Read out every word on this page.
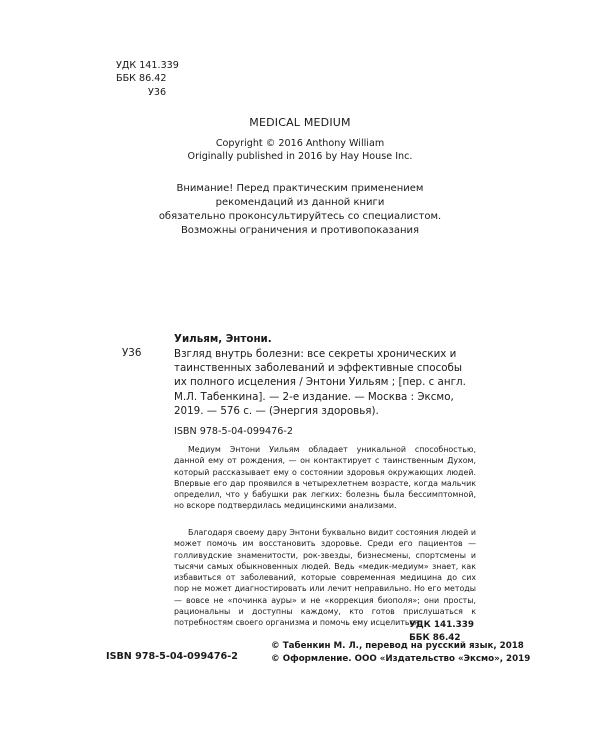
УДК 141.339
ББК 86.42
У36
MEDICAL MEDIUM
Copyright © 2016 Anthony William
Originally published in 2016 by Hay House Inc.
Внимание! Перед практическим применением
рекомендаций из данной книги
обязательно проконсультируйтесь со специалистом.
Возможны ограничения и противопоказания
Уильям, Энтони.
У36	Взгляд внутрь болезни: все секреты хронических и таинственных заболеваний и эффективные способы их полного исцеления / Энтони Уильям ; [пер. с англ. М.Л. Табенкина]. — 2-е издание. — Москва : Эксмо, 2019. — 576 с. — (Энергия здоровья).
ISBN 978-5-04-099476-2
Медиум Энтони Уильям обладает уникальной способностью, данной ему от рождения, — он контактирует с таинственным Духом, который рассказывает ему о состоянии здоровья окружающих людей. Впервые его дар проявился в четырехлетнем возрасте, когда мальчик определил, что у бабушки рак легких: болезнь была бессимптомной, но вскоре подтвердилась медицинскими анализами.
Благодаря своему дару Энтони буквально видит состояния людей и может помочь им восстановить здоровье. Среди его пациентов — голливудские знаменитости, рок-звезды, бизнесмены, спортсмены и тысячи самых обыкновенных людей. Ведь «медик-медиум» знает, как избавиться от заболеваний, которые современная медицина до сих пор не может диагностировать или лечит неправильно. Но его методы — вовсе не «починка ауры» и не «коррекция биополя»; они просты, рациональны и доступны каждому, кто готов прислушаться к потребностям своего организма и помочь ему исцелиться.
УДК 141.339
ББК 86.42
ISBN 978-5-04-099476-2
© Табенкин М. Л., перевод на русский язык, 2018
© Оформление. ООО «Издательство «Эксмо», 2019
